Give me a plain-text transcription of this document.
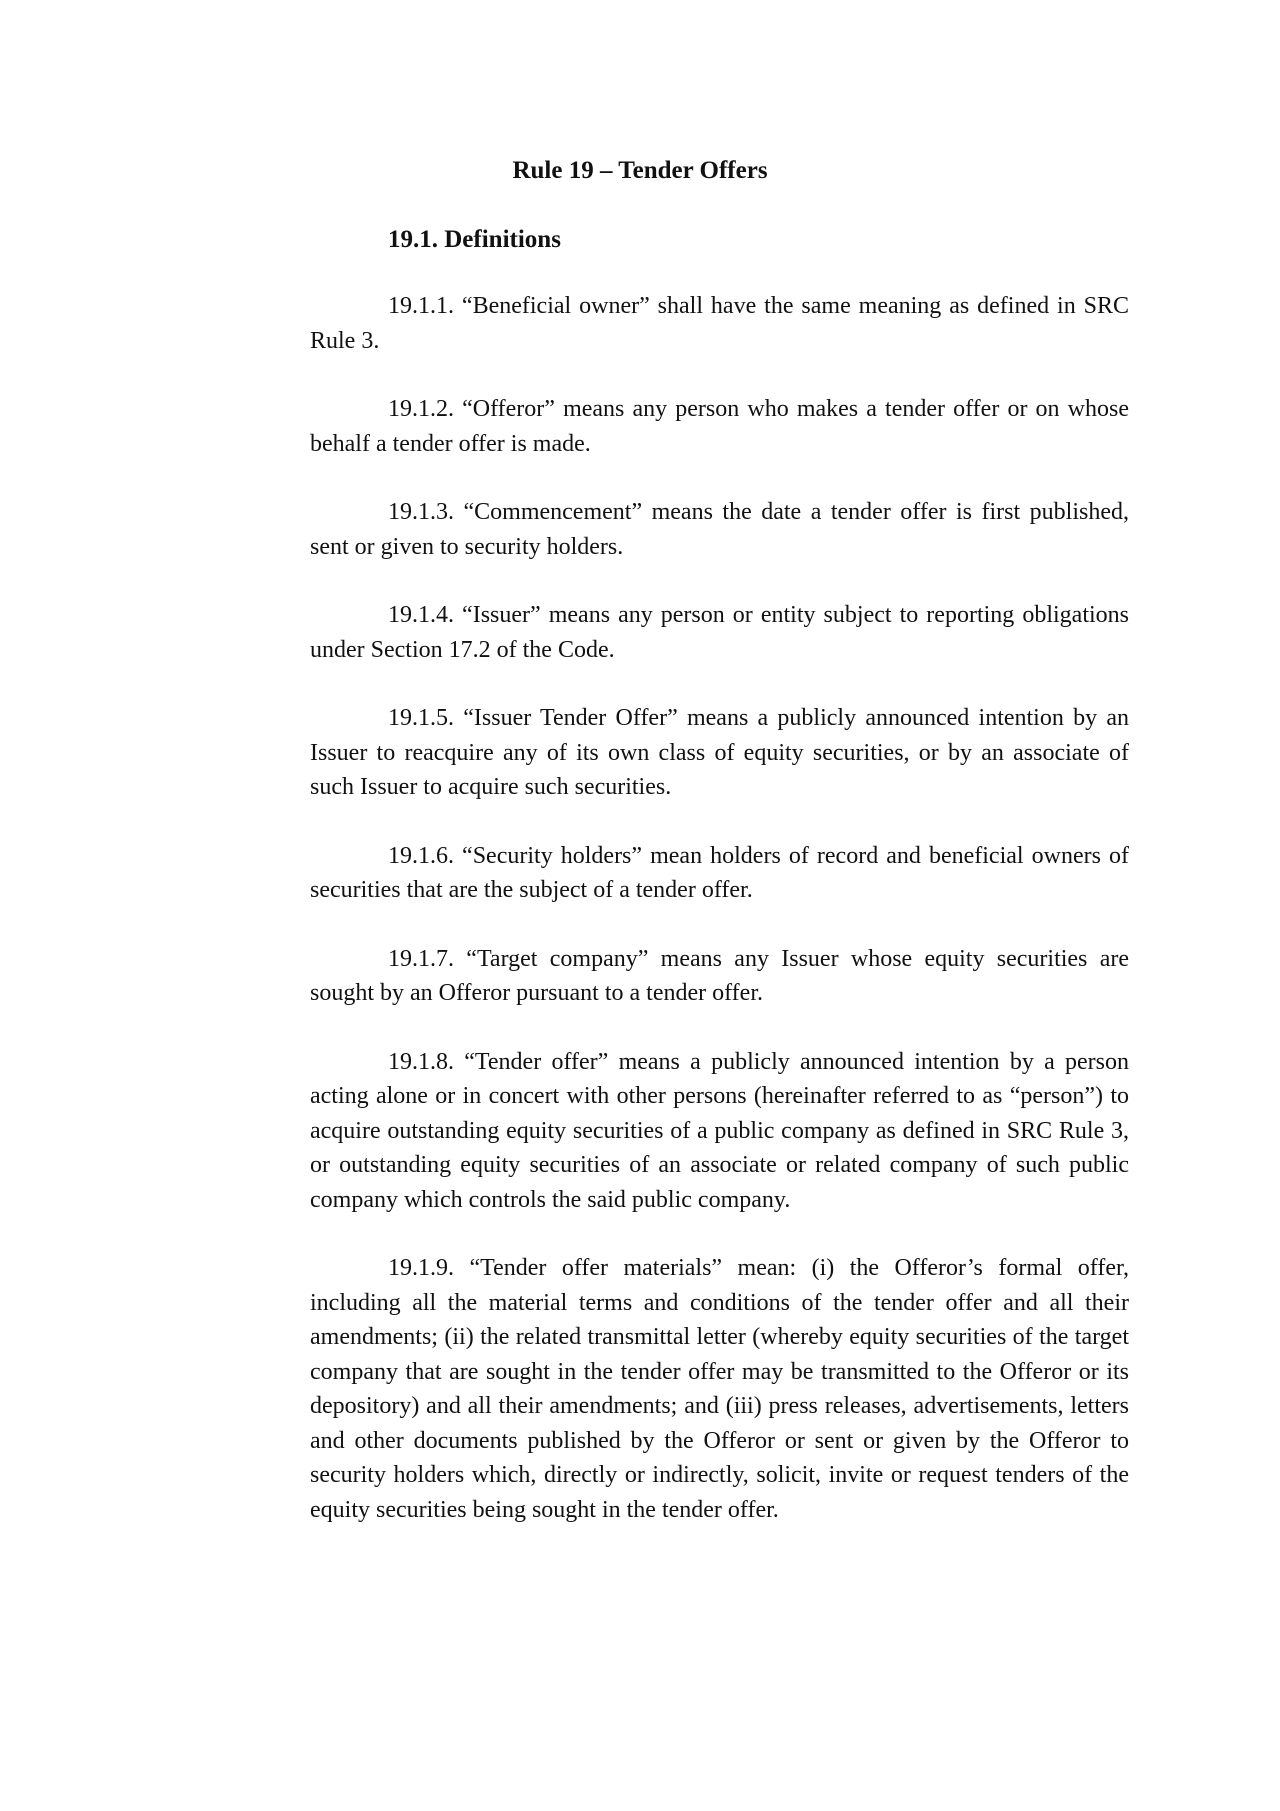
Rule 19 – Tender Offers
19.1. Definitions

19.1.1. “Beneficial owner” shall have the same meaning as defined in SRC Rule 3.

19.1.2. “Offeror” means any person who makes a tender offer or on whose behalf a tender offer is made.

19.1.3. “Commencement” means the date a tender offer is first published, sent or given to security holders.

19.1.4. “Issuer” means any person or entity subject to reporting obligations under Section 17.2 of the Code.

19.1.5. “Issuer Tender Offer” means a publicly announced intention by an Issuer to reacquire any of its own class of equity securities, or by an associate of such Issuer to acquire such securities.

19.1.6. “Security holders” mean holders of record and beneficial owners of securities that are the subject of a tender offer.

19.1.7. “Target company” means any Issuer whose equity securities are sought by an Offeror pursuant to a tender offer.

19.1.8. “Tender offer” means a publicly announced intention by a person acting alone or in concert with other persons (hereinafter referred to as “person”) to acquire outstanding equity securities of a public company as defined in SRC Rule 3, or outstanding equity securities of an associate or related company of such public company which controls the said public company.

19.1.9. “Tender offer materials” mean: (i) the Offeror’s formal offer, including all the material terms and conditions of the tender offer and all their amendments; (ii) the related transmittal letter (whereby equity securities of the target company that are sought in the tender offer may be transmitted to the Offeror or its depository) and all their amendments; and (iii) press releases, advertisements, letters and other documents published by the Offeror or sent or given by the Offeror to security holders which, directly or indirectly, solicit, invite or request tenders of the equity securities being sought in the tender offer.
